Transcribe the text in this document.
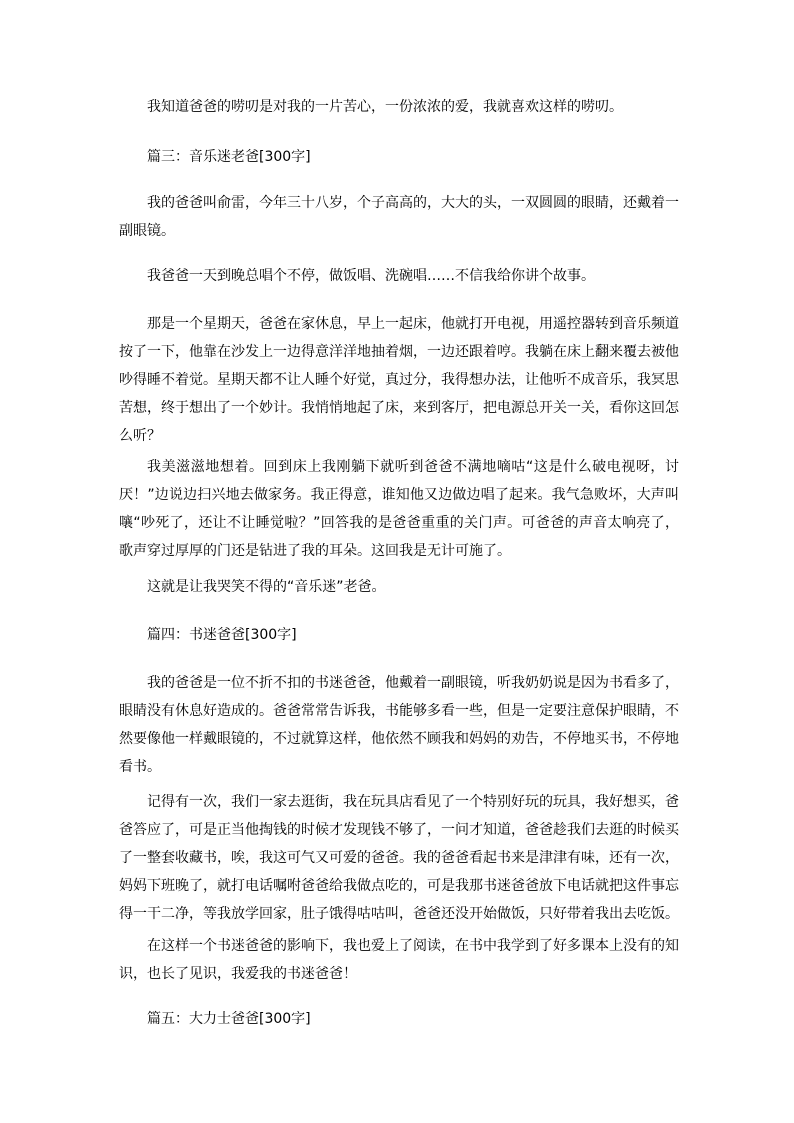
我知道爸爸的唠叨是对我的一片苦心，一份浓浓的爱，我就喜欢这样的唠叨。

篇三：音乐迷老爸[300字]

我的爸爸叫俞雷，今年三十八岁，个子高高的，大大的头，一双圆圆的眼睛，还戴着一副眼镜。

我爸爸一天到晚总唱个不停，做饭唱、洗碗唱……不信我给你讲个故事。

那是一个星期天，爸爸在家休息，早上一起床，他就打开电视，用遥控器转到音乐频道按了一下，他靠在沙发上一边得意洋洋地抽着烟，一边还跟着哼。我躺在床上翻来覆去被他吵得睡不着觉。星期天都不让人睡个好觉，真过分，我得想办法，让他听不成音乐，我冥思苦想，终于想出了一个妙计。我悄悄地起了床，来到客厅，把电源总开关一关，看你这回怎么听？

我美滋滋地想着。回到床上我刚躺下就听到爸爸不满地嘀咕“这是什么破电视呀，讨厌！”边说边扫兴地去做家务。我正得意，谁知他又边做边唱了起来。我气急败坏，大声叫嚷“吵死了，还让不让睡觉啦？”回答我的是爸爸重重的关门声。可爸爸的声音太响亮了，歌声穿过厚厚的门还是钻进了我的耳朵。这回我是无计可施了。

这就是让我哭笑不得的“音乐迷”老爸。

篇四：书迷爸爸[300字]

我的爸爸是一位不折不扣的书迷爸爸，他戴着一副眼镜，听我奶奶说是因为书看多了，眼睛没有休息好造成的。爸爸常常告诉我，书能够多看一些，但是一定要注意保护眼睛，不然要像他一样戴眼镜的，不过就算这样，他依然不顾我和妈妈的劝告，不停地买书，不停地看书。

记得有一次，我们一家去逛街，我在玩具店看见了一个特别好玩的玩具，我好想买，爸爸答应了，可是正当他掏钱的时候才发现钱不够了，一问才知道，爸爸趁我们去逛的时候买了一整套收藏书，唉，我这可气又可爱的爸爸。我的爸爸看起书来是津津有味，还有一次，妈妈下班晚了，就打电话嘱咐爸爸给我做点吃的，可是我那书迷爸爸放下电话就把这件事忘得一干二净，等我放学回家，肚子饿得咕咕叫，爸爸还没开始做饭，只好带着我出去吃饭。

在这样一个书迷爸爸的影响下，我也爱上了阅读，在书中我学到了好多课本上没有的知识，也长了见识，我爱我的书迷爸爸！

篇五：大力士爸爸[300字]
